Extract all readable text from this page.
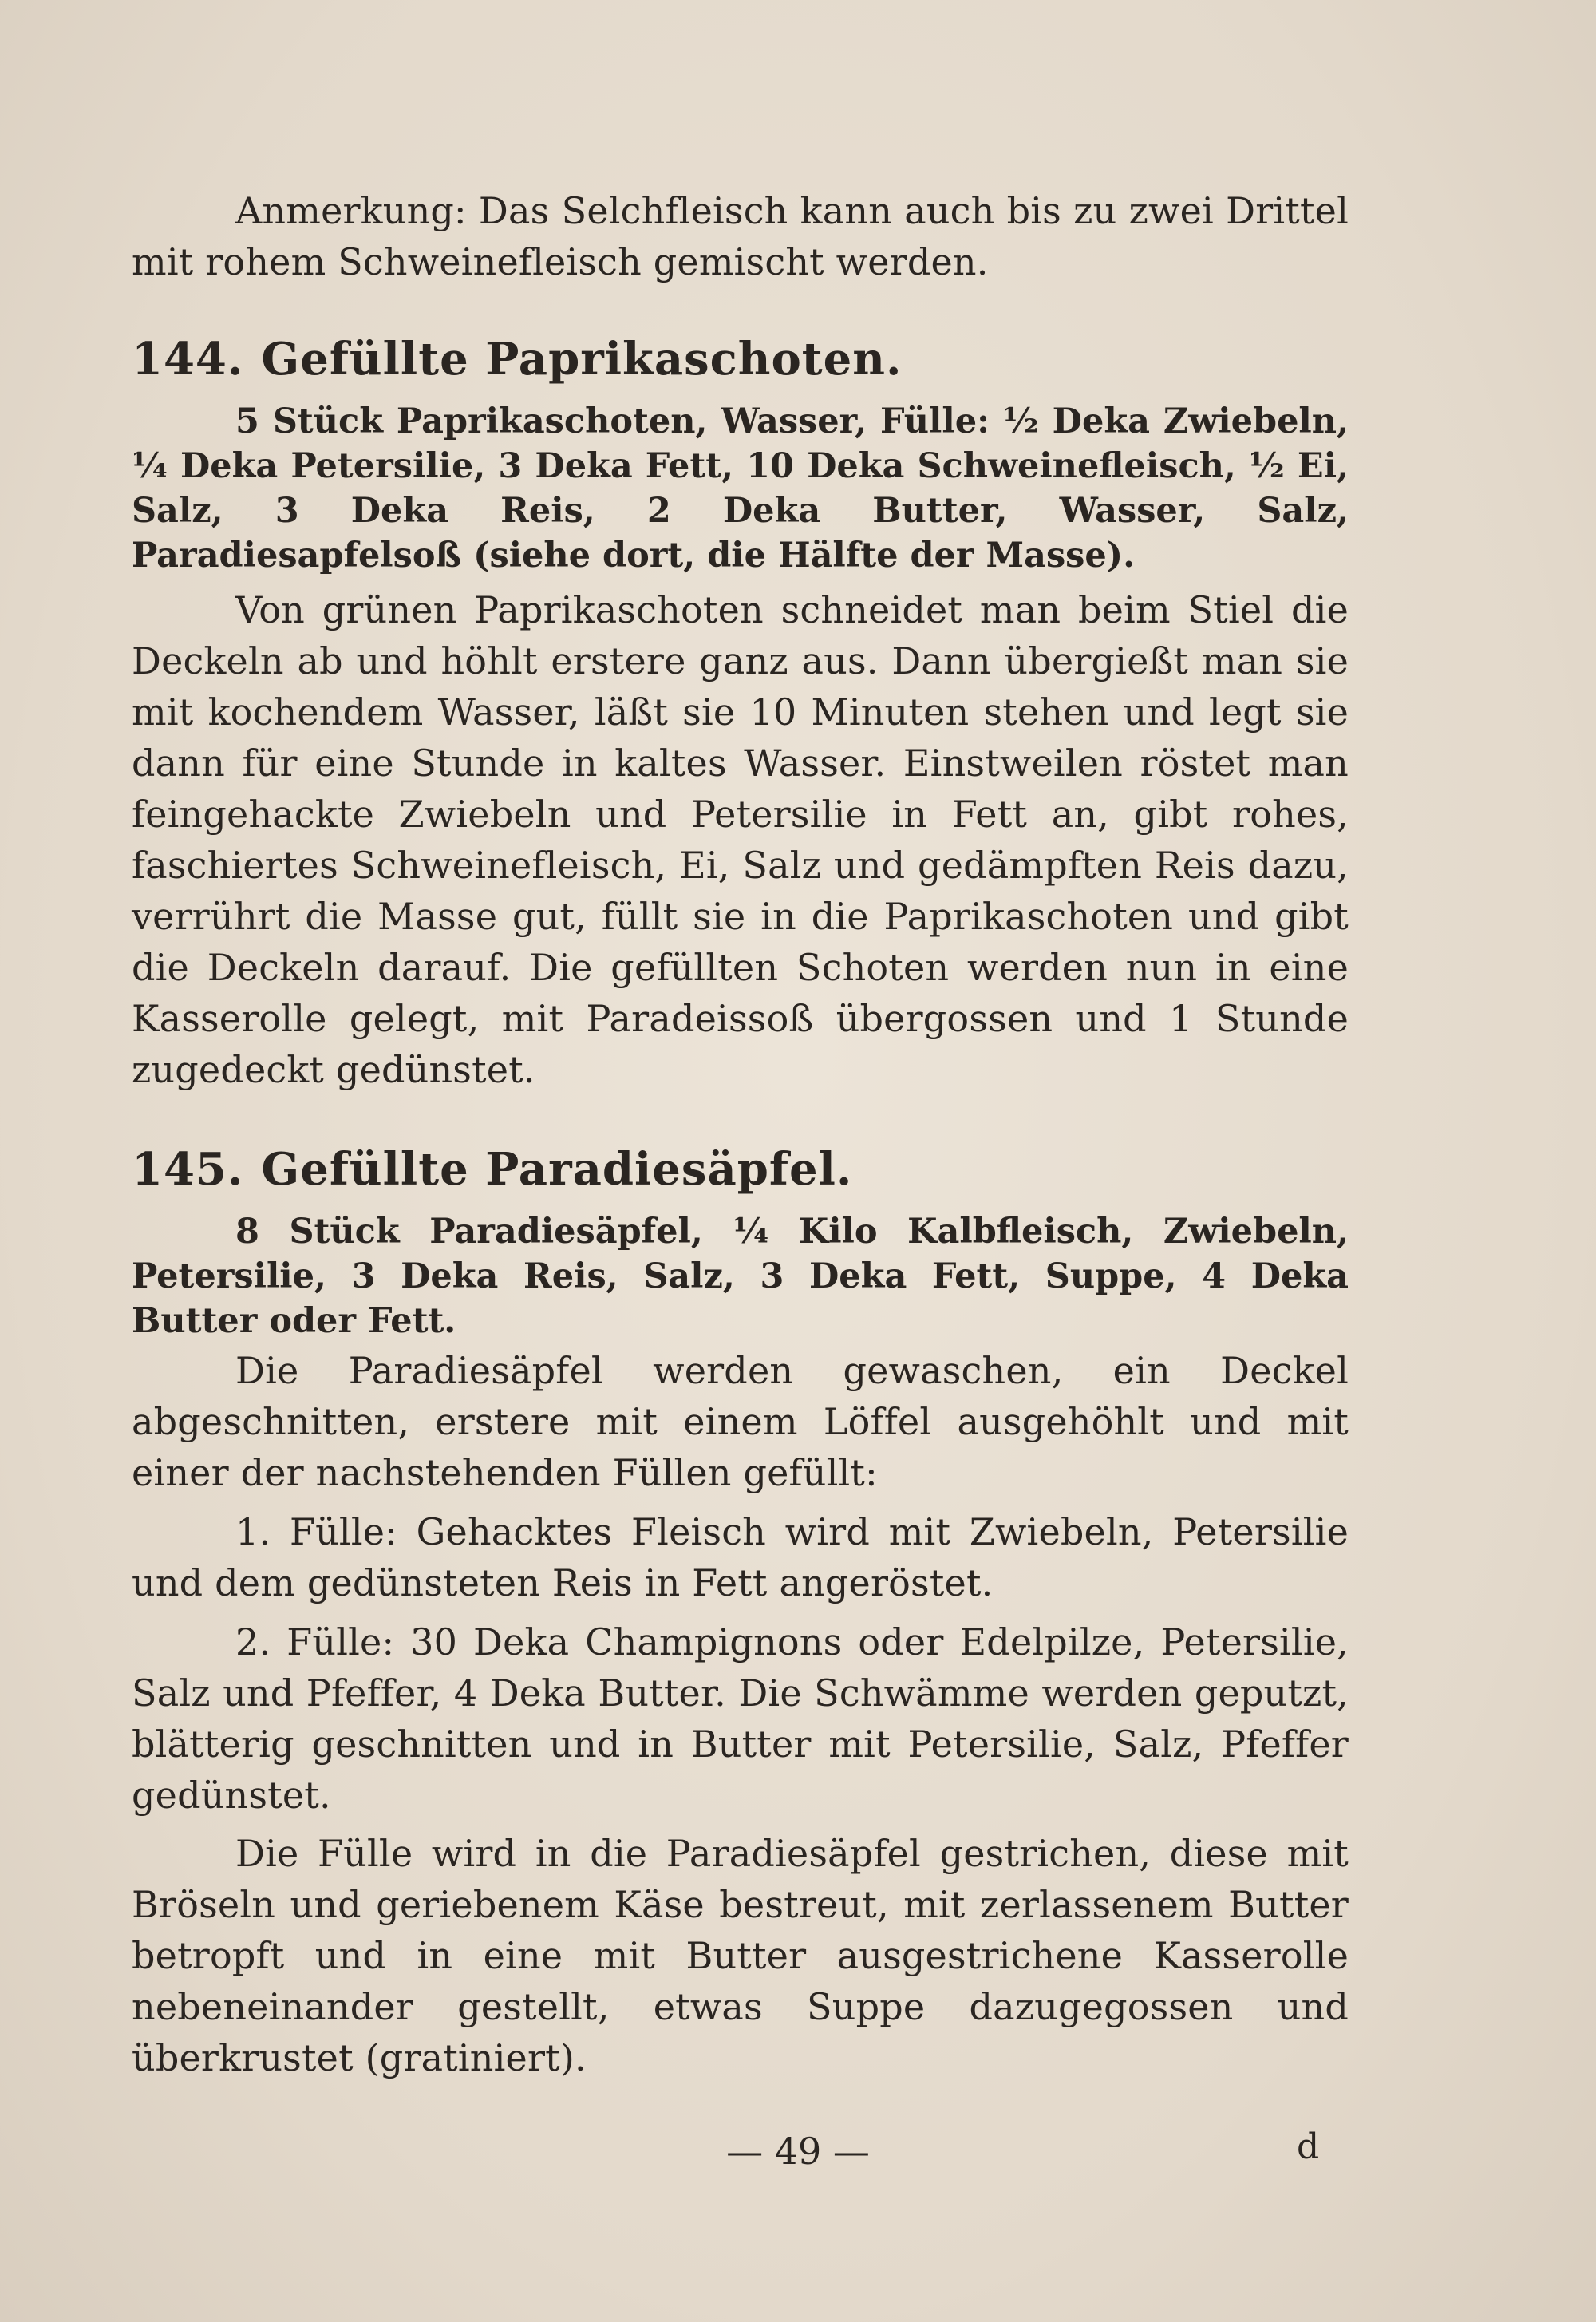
Anmerkung: Das Selchfleisch kann auch bis zu zwei Drittel mit rohem Schweinefleisch gemischt werden.

144. Gefüllte Paprikaschoten.

5 Stück Paprikaschoten, Wasser, Fülle: ½ Deka Zwiebeln, ¼ Deka Petersilie, 3 Deka Fett, 10 Deka Schweinefleisch, ½ Ei, Salz, 3 Deka Reis, 2 Deka Butter, Wasser, Salz, Paradiesapfelsoß (siehe dort, die Hälfte der Masse).

Von grünen Paprikaschoten schneidet man beim Stiel die Deckeln ab und höhlt erstere ganz aus. Dann übergießt man sie mit kochendem Wasser, läßt sie 10 Minuten stehen und legt sie dann für eine Stunde in kaltes Wasser. Einstweilen röstet man feingehackte Zwiebeln und Petersilie in Fett an, gibt rohes, faschiertes Schweinefleisch, Ei, Salz und gedämpften Reis dazu, verrührt die Masse gut, füllt sie in die Paprikaschoten und gibt die Deckeln darauf. Die gefüllten Schoten werden nun in eine Kasserolle gelegt, mit Paradeissoß übergossen und 1 Stunde zugedeckt gedünstet.

145. Gefüllte Paradiesäpfel.

8 Stück Paradiesäpfel, ¼ Kilo Kalbfleisch, Zwiebeln, Petersilie, 3 Deka Reis, Salz, 3 Deka Fett, Suppe, 4 Deka Butter oder Fett.

Die Paradiesäpfel werden gewaschen, ein Deckel abgeschnitten, erstere mit einem Löffel ausgehöhlt und mit einer der nachstehenden Füllen gefüllt:

1. Fülle: Gehacktes Fleisch wird mit Zwiebeln, Petersilie und dem gedünsteten Reis in Fett angeröstet.

2. Fülle: 30 Deka Champignons oder Edelpilze, Petersilie, Salz und Pfeffer, 4 Deka Butter. Die Schwämme werden geputzt, blätterig geschnitten und in Butter mit Petersilie, Salz, Pfeffer gedünstet.

Die Fülle wird in die Paradiesäpfel gestrichen, diese mit Bröseln und geriebenem Käse bestreut, mit zerlassenem Butter betropft und in eine mit Butter ausgestrichene Kasserolle nebeneinander gestellt, etwas Suppe dazugegossen und überkrustet (gratiniert).

— 49 —	d
